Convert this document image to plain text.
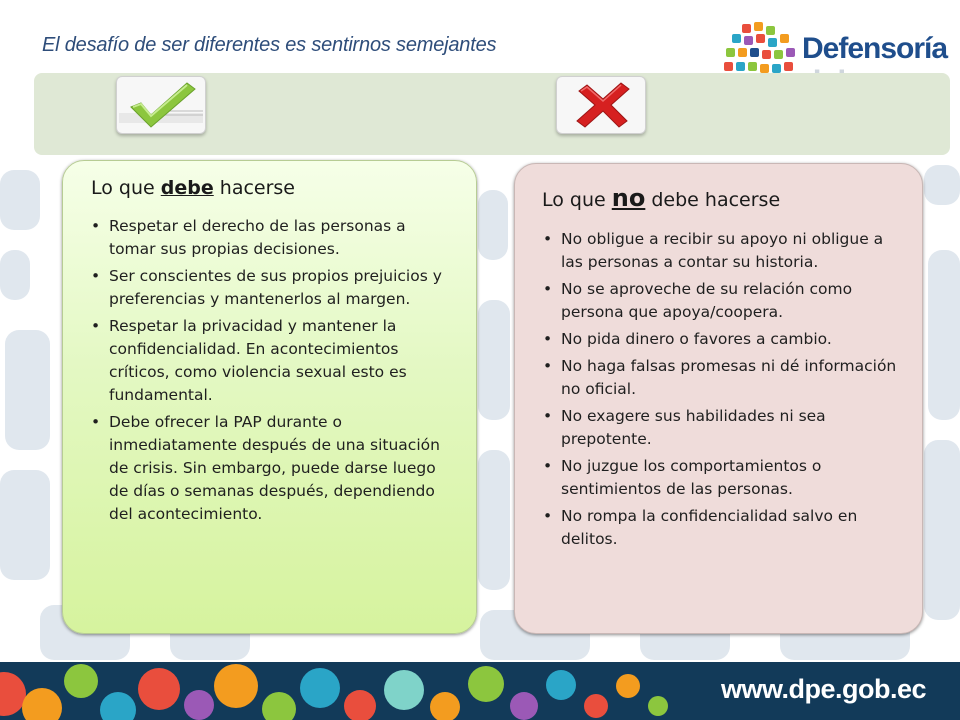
El desafío de ser diferentes es sentirnos semejantes	Defensoría
Lo que debe hacerse
• Respetar el derecho de las personas a tomar sus propias decisiones.
• Ser conscientes de sus propios prejuicios y preferencias y mantenerlos al margen.
• Respetar la privacidad y mantener la confidencialidad. En acontecimientos críticos, como violencia sexual esto es fundamental.
• Debe ofrecer la PAP durante o inmediatamente después de una situación de crisis. Sin embargo, puede darse luego de días o semanas después, dependiendo del acontecimiento.
Lo que no debe hacerse
• No obligue a recibir su apoyo ni obligue a las personas a contar su historia.
• No se aproveche de su relación como persona que apoya/coopera.
• No pida dinero o favores a cambio.
• No haga falsas promesas ni dé información no oficial.
• No exagere sus habilidades ni sea prepotente.
• No juzgue los comportamientos o sentimientos de las personas.
• No rompa la confidencialidad salvo en delitos.
www.dpe.gob.ec
